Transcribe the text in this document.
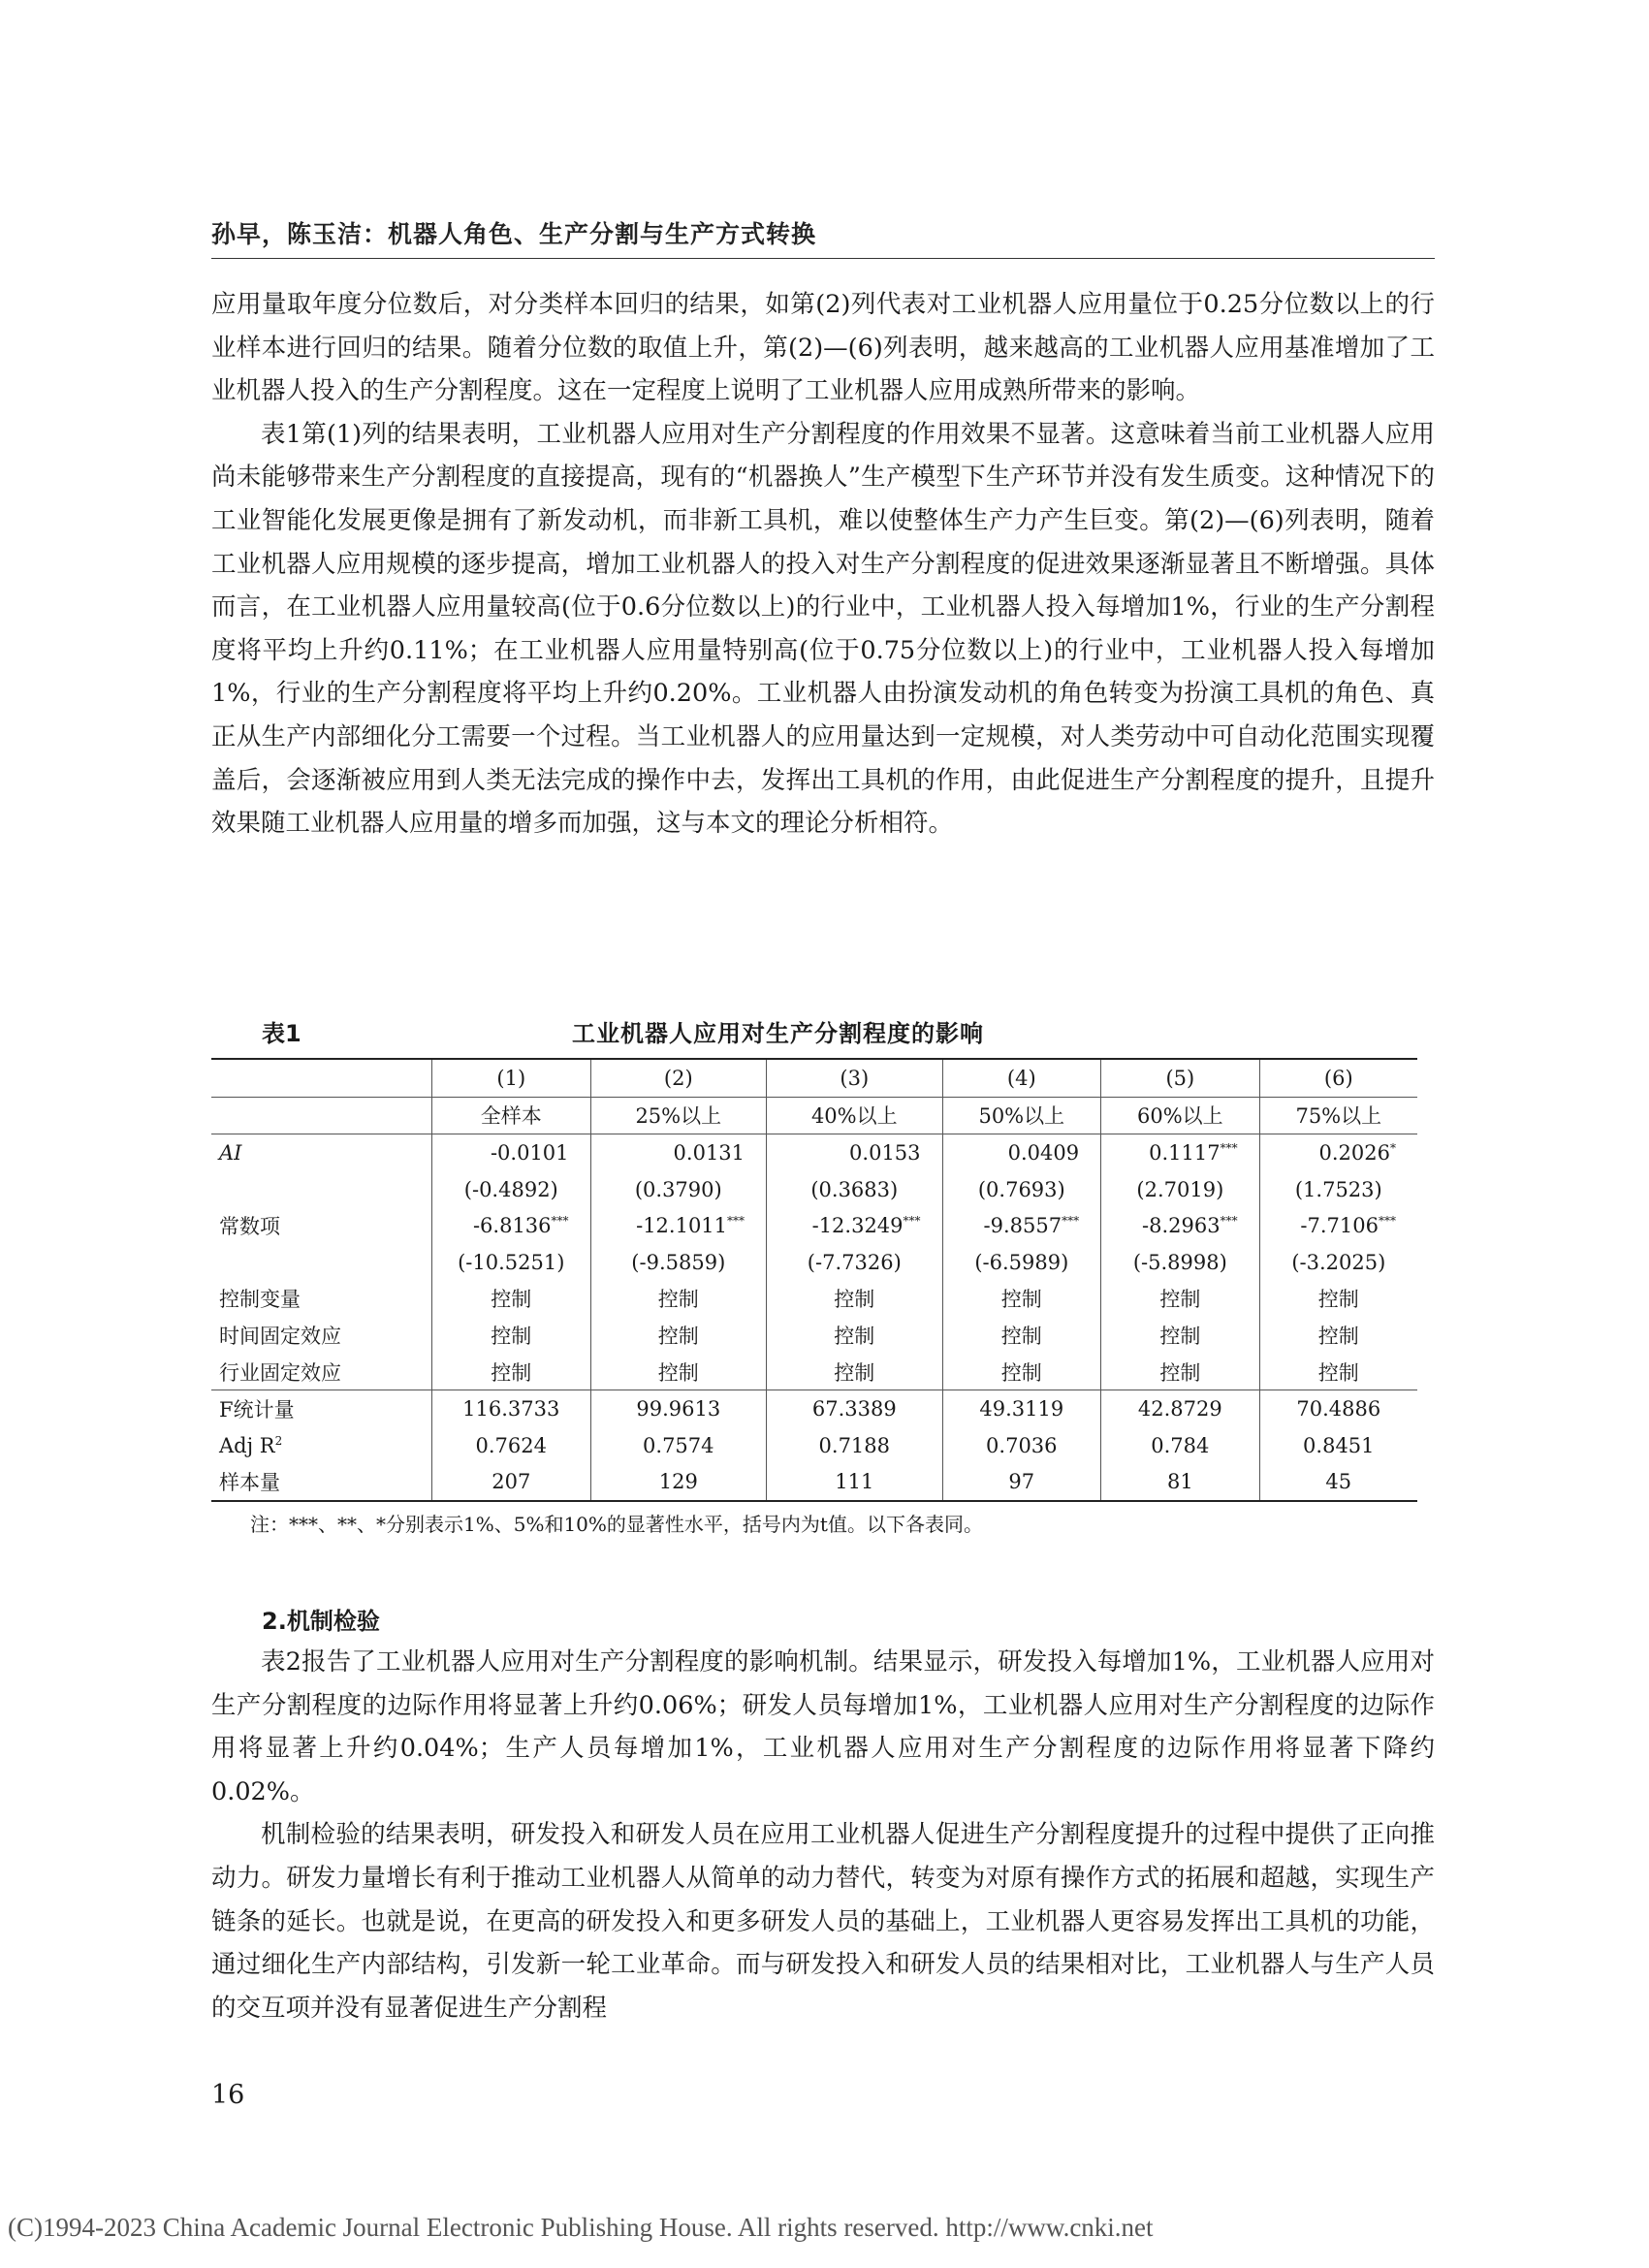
孙早，陈玉洁：机器人角色、生产分割与生产方式转换

应用量取年度分位数后，对分类样本回归的结果，如第(2)列代表对工业机器人应用量位于0.25分位数以上的行业样本进行回归的结果。随着分位数的取值上升，第(2)—(6)列表明，越来越高的工业机器人应用基准增加了工业机器人投入的生产分割程度。这在一定程度上说明了工业机器人应用成熟所带来的影响。

表1第(1)列的结果表明，工业机器人应用对生产分割程度的作用效果不显著。这意味着当前工业机器人应用尚未能够带来生产分割程度的直接提高，现有的“机器换人”生产模型下生产环节并没有发生质变。这种情况下的工业智能化发展更像是拥有了新发动机，而非新工具机，难以使整体生产力产生巨变。第(2)—(6)列表明，随着工业机器人应用规模的逐步提高，增加工业机器人的投入对生产分割程度的促进效果逐渐显著且不断增强。具体而言，在工业机器人应用量较高(位于0.6分位数以上)的行业中，工业机器人投入每增加1%，行业的生产分割程度将平均上升约0.11%；在工业机器人应用量特别高(位于0.75分位数以上)的行业中，工业机器人投入每增加1%，行业的生产分割程度将平均上升约0.20%。工业机器人由扮演发动机的角色转变为扮演工具机的角色、真正从生产内部细化分工需要一个过程。当工业机器人的应用量达到一定规模，对人类劳动中可自动化范围实现覆盖后，会逐渐被应用到人类无法完成的操作中去，发挥出工具机的作用，由此促进生产分割程度的提升，且提升效果随工业机器人应用量的增多而加强，这与本文的理论分析相符。

表1	工业机器人应用对生产分割程度的影响
	(1)	(2)	(3)	(4)	(5)	(6)
	全样本	25%以上	40%以上	50%以上	60%以上	75%以上
AI	-0.0101	0.0131	0.0153	0.0409	0.1117***	0.2026*
	(-0.4892)	(0.3790)	(0.3683)	(0.7693)	(2.7019)	(1.7523)
常数项	-6.8136***	-12.1011***	-12.3249***	-9.8557***	-8.2963***	-7.7106***
	(-10.5251)	(-9.5859)	(-7.7326)	(-6.5989)	(-5.8998)	(-3.2025)
控制变量	控制	控制	控制	控制	控制	控制
时间固定效应	控制	控制	控制	控制	控制	控制
行业固定效应	控制	控制	控制	控制	控制	控制
F统计量	116.3733	99.9613	67.3389	49.3119	42.8729	70.4886
Adj $R^2$	0.7624	0.7574	0.7188	0.7036	0.784	0.8451
样本量	207	129	111	97	81	45
注：***、**、*分别表示1%、5%和10%的显著性水平，括号内为t值。以下各表同。
2.机制检验

表2报告了工业机器人应用对生产分割程度的影响机制。结果显示，研发投入每增加1%，工业机器人应用对生产分割程度的边际作用将显著上升约0.06%；研发人员每增加1%，工业机器人应用对生产分割程度的边际作用将显著上升约0.04%；生产人员每增加1%，工业机器人应用对生产分割程度的边际作用将显著下降约0.02%。

机制检验的结果表明，研发投入和研发人员在应用工业机器人促进生产分割程度提升的过程中提供了正向推动力。研发力量增长有利于推动工业机器人从简单的动力替代，转变为对原有操作方式的拓展和超越，实现生产链条的延长。也就是说，在更高的研发投入和更多研发人员的基础上，工业机器人更容易发挥出工具机的功能，通过细化生产内部结构，引发新一轮工业革命。而与研发投入和研发人员的结果相对比，工业机器人与生产人员的交互项并没有显著促进生产分割程

16
(C)1994-2023 China Academic Journal Electronic Publishing House. All rights reserved. http://www.cnki.net
